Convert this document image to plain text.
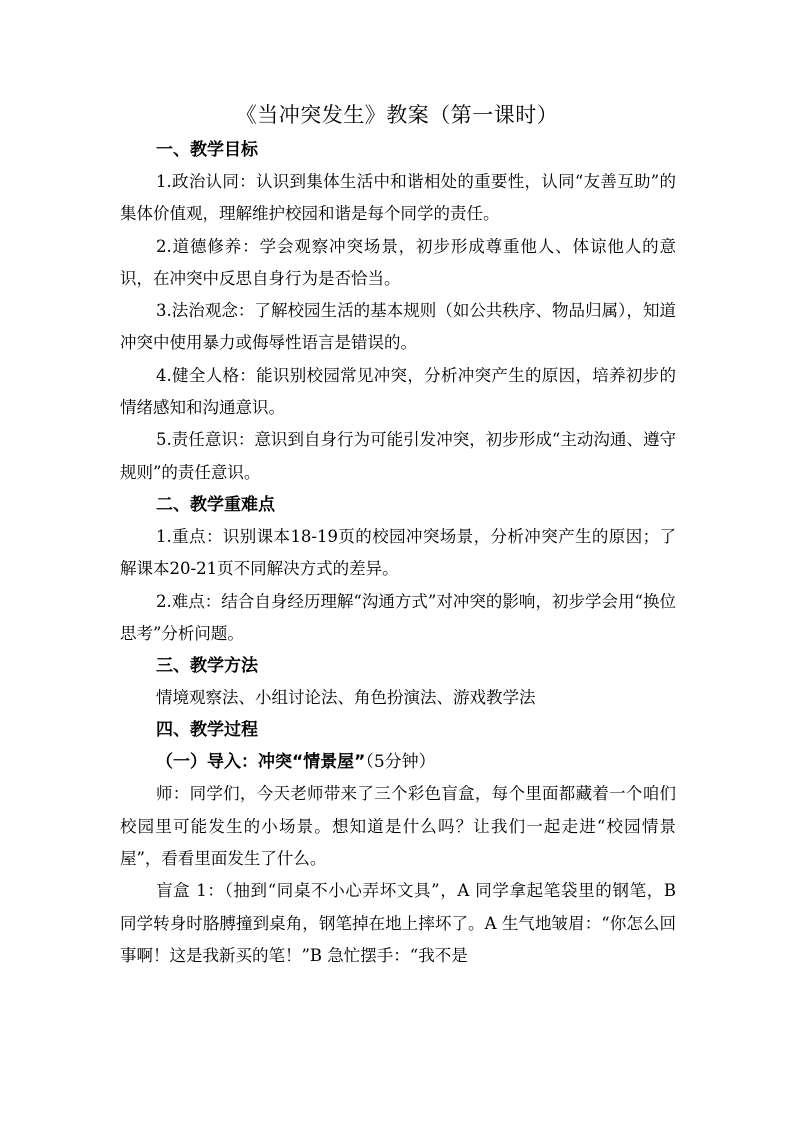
《当冲突发生》教案（第一课时）
一、教学目标

1.政治认同：认识到集体生活中和谐相处的重要性，认同“友善互助”的集体价值观，理解维护校园和谐是每个同学的责任。

2.道德修养：学会观察冲突场景，初步形成尊重他人、体谅他人的意识，在冲突中反思自身行为是否恰当。

3.法治观念：了解校园生活的基本规则（如公共秩序、物品归属），知道冲突中使用暴力或侮辱性语言是错误的。

4.健全人格：能识别校园常见冲突，分析冲突产生的原因，培养初步的情绪感知和沟通意识。

5.责任意识：意识到自身行为可能引发冲突，初步形成“主动沟通、遵守规则”的责任意识。

二、教学重难点

1.重点：识别课本18-19页的校园冲突场景，分析冲突产生的原因；了解课本20-21页不同解决方式的差异。

2.难点：结合自身经历理解“沟通方式”对冲突的影响，初步学会用“换位思考”分析问题。

三、教学方法

情境观察法、小组讨论法、角色扮演法、游戏教学法

四、教学过程
（一）导入：冲突“情景屋”（5分钟）

师：同学们，今天老师带来了三个彩色盲盒，每个里面都藏着一个咱们校园里可能发生的小场景。想知道是什么吗？让我们一起走进“校园情景屋”，看看里面发生了什么。

盲盒 1：（抽到“同桌不小心弄坏文具”，A 同学拿起笔袋里的钢笔，B 同学转身时胳膊撞到桌角，钢笔掉在地上摔坏了。A 生气地皱眉：“你怎么回事啊！这是我新买的笔！”B 急忙摆手：“我不是
